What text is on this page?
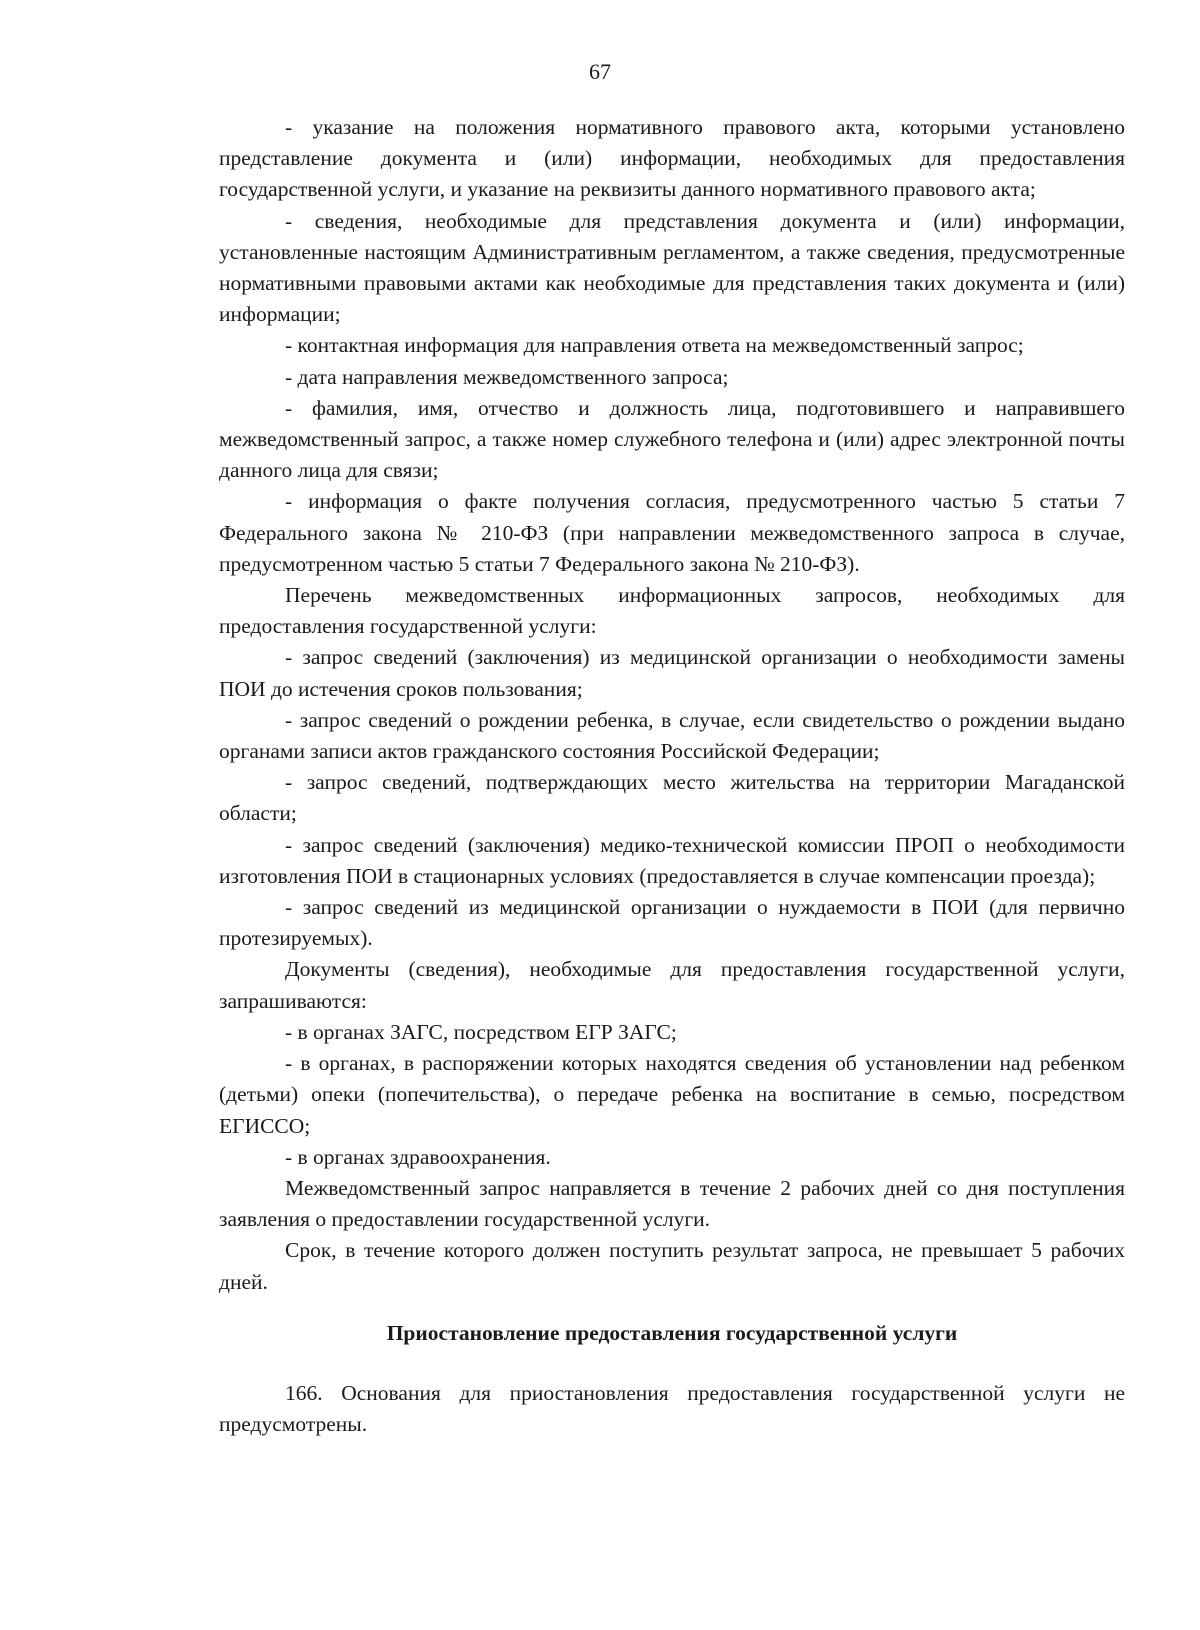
67

- указание на положения нормативного правового акта, которыми установлено представление документа и (или) информации, необходимых для предоставления государственной услуги, и указание на реквизиты данного нормативного правового акта;

- сведения, необходимые для представления документа и (или) информации, установленные настоящим Административным регламентом, а также сведения, предусмотренные нормативными правовыми актами как необходимые для представления таких документа и (или) информации;

- контактная информация для направления ответа на межведомственный запрос;

- дата направления межведомственного запроса;

- фамилия, имя, отчество и должность лица, подготовившего и направившего межведомственный запрос, а также номер служебного телефона и (или) адрес электронной почты данного лица для связи;

- информация о факте получения согласия, предусмотренного частью 5 статьи 7 Федерального закона № 210-ФЗ (при направлении межведомственного запроса в случае, предусмотренном частью 5 статьи 7 Федерального закона № 210-ФЗ).

Перечень межведомственных информационных запросов, необходимых для предоставления государственной услуги:

- запрос сведений (заключения) из медицинской организации о необходимости замены ПОИ до истечения сроков пользования;

- запрос сведений о рождении ребенка, в случае, если свидетельство о рождении выдано органами записи актов гражданского состояния Российской Федерации;

- запрос сведений, подтверждающих место жительства на территории Магаданской области;

- запрос сведений (заключения) медико-технической комиссии ПРОП о необходимости изготовления ПОИ в стационарных условиях (предоставляется в случае компенсации проезда);

- запрос сведений из медицинской организации о нуждаемости в ПОИ (для первично протезируемых).

Документы (сведения), необходимые для предоставления государственной услуги, запрашиваются:

- в органах ЗАГС, посредством ЕГР ЗАГС;

- в органах, в распоряжении которых находятся сведения об установлении над ребенком (детьми) опеки (попечительства), о передаче ребенка на воспитание в семью, посредством ЕГИССО;

- в органах здравоохранения.

Межведомственный запрос направляется в течение 2 рабочих дней со дня поступления заявления о предоставлении государственной услуги.

Срок, в течение которого должен поступить результат запроса, не превышает 5 рабочих дней.

Приостановление предоставления государственной услуги

166. Основания для приостановления предоставления государственной услуги не предусмотрены.
